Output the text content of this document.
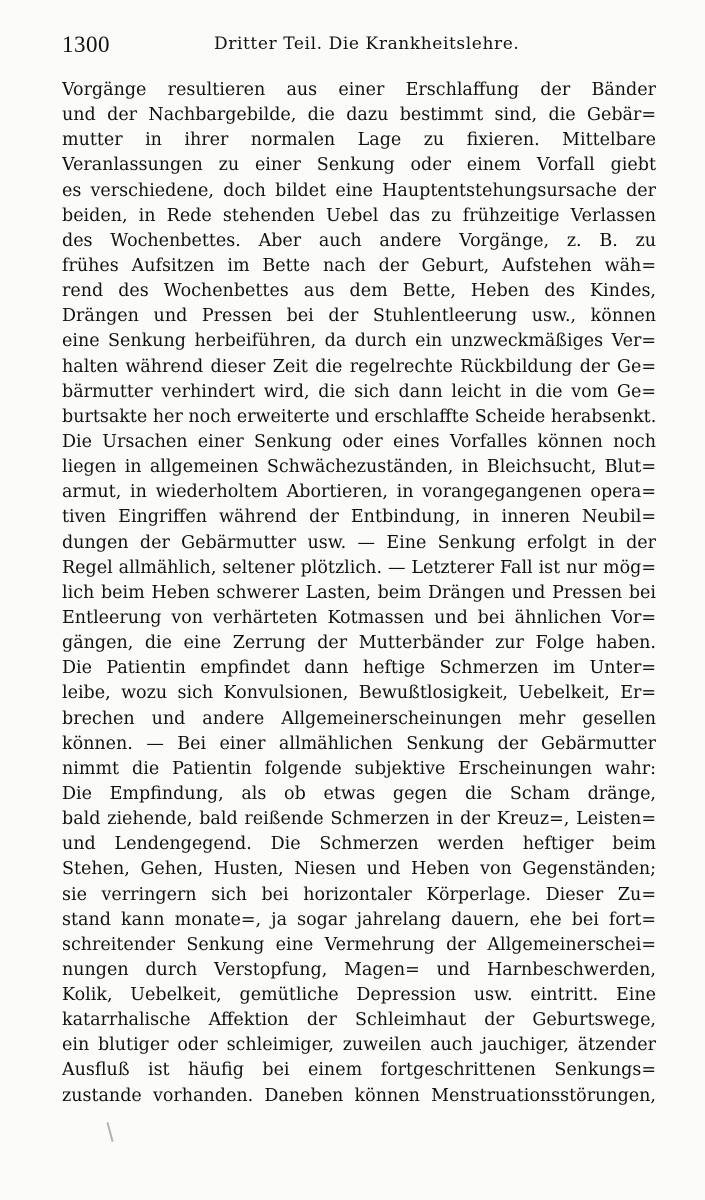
1300	Dritter Teil. Die Krankheitslehre.
Vorgänge resultieren aus einer Erschlaffung der Bänder
und der Nachbargebilde, die dazu bestimmt sind, die Gebär=
mutter in ihrer normalen Lage zu fixieren. Mittelbare
Veranlassungen zu einer Senkung oder einem Vorfall giebt
es verschiedene, doch bildet eine Hauptentstehungsursache der
beiden, in Rede stehenden Uebel das zu frühzeitige Verlassen
des Wochenbettes. Aber auch andere Vorgänge, z. B. zu
frühes Aufsitzen im Bette nach der Geburt, Aufstehen wäh=
rend des Wochenbettes aus dem Bette, Heben des Kindes,
Drängen und Pressen bei der Stuhlentleerung usw., können
eine Senkung herbeiführen, da durch ein unzweckmäßiges Ver=
halten während dieser Zeit die regelrechte Rückbildung der Ge=
bärmutter verhindert wird, die sich dann leicht in die vom Ge=
burtsakte her noch erweiterte und erschlaffte Scheide herabsenkt.
Die Ursachen einer Senkung oder eines Vorfalles können noch
liegen in allgemeinen Schwächezuständen, in Bleichsucht, Blut=
armut, in wiederholtem Abortieren, in vorangegangenen opera=
tiven Eingriffen während der Entbindung, in inneren Neubil=
dungen der Gebärmutter usw. — Eine Senkung erfolgt in der
Regel allmählich, seltener plötzlich. — Letzterer Fall ist nur mög=
lich beim Heben schwerer Lasten, beim Drängen und Pressen bei
Entleerung von verhärteten Kotmassen und bei ähnlichen Vor=
gängen, die eine Zerrung der Mutterbänder zur Folge haben.
Die Patientin empfindet dann heftige Schmerzen im Unter=
leibe, wozu sich Konvulsionen, Bewußtlosigkeit, Uebelkeit, Er=
brechen und andere Allgemeinerscheinungen mehr gesellen
können. — Bei einer allmählichen Senkung der Gebärmutter
nimmt die Patientin folgende subjektive Erscheinungen wahr:
Die Empfindung, als ob etwas gegen die Scham dränge,
bald ziehende, bald reißende Schmerzen in der Kreuz=, Leisten=
und Lendengegend. Die Schmerzen werden heftiger beim
Stehen, Gehen, Husten, Niesen und Heben von Gegenständen;
sie verringern sich bei horizontaler Körperlage. Dieser Zu=
stand kann monate=, ja sogar jahrelang dauern, ehe bei fort=
schreitender Senkung eine Vermehrung der Allgemeinerschei=
nungen durch Verstopfung, Magen= und Harnbeschwerden,
Kolik, Uebelkeit, gemütliche Depression usw. eintritt. Eine
katarrhalische Affektion der Schleimhaut der Geburtswege,
ein blutiger oder schleimiger, zuweilen auch jauchiger, ätzender
Ausfluß ist häufig bei einem fortgeschrittenen Senkungs=
zustande vorhanden. Daneben können Menstruationsstörungen,
